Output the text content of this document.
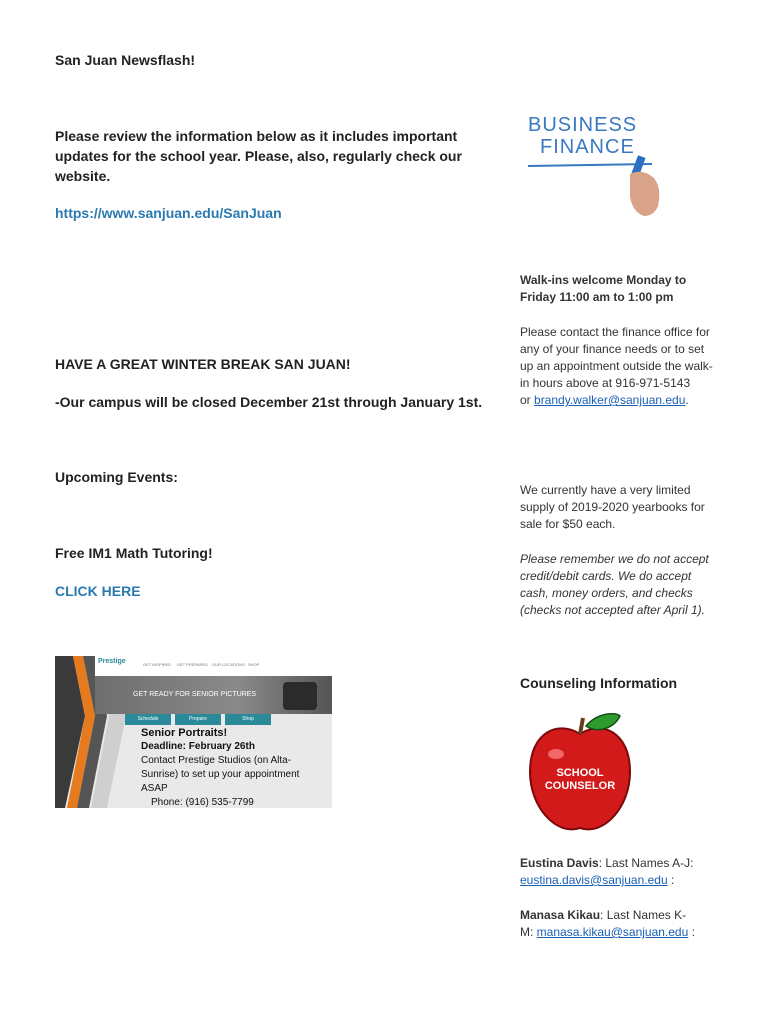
San Juan Newsflash!
Please review the information below as it includes important updates for the school year. Please, also, regularly check our website.
https://www.sanjuan.edu/SanJuan
HAVE A GREAT WINTER BREAK SAN JUAN!
-Our campus will be closed December 21st through January 1st.
Upcoming Events:
Free IM1 Math Tutoring!
CLICK HERE
Prestige	GET INSPIRED GET PREPARED OUR LOCATIONS SHOP
GET READY FOR SENIOR PICTURES
Schedule	Prepare	Shop
Senior Portraits!
Deadline: February 26th
Contact Prestige Studios (on Alta-
Sunrise) to set up your appointment
ASAP
Phone: (916) 535-7799
BUSINESS
FINANCE
Walk-ins welcome Monday to Friday 11:00 am to 1:00 pm
Please contact the finance office for any of your finance needs or to set up an appointment outside the walk-in hours above at 916-971-5143
or brandy.walker@sanjuan.edu.
We currently have a very limited supply of 2019-2020 yearbooks for sale for $50 each.
Please remember we do not accept credit/debit cards. We do accept cash, money orders, and checks (checks not accepted after April 1).
Counseling Information
SCHOOL
COUNSELOR
Eustina Davis: Last Names A-J: eustina.davis@sanjuan.edu :
Manasa Kikau: Last Names K-M: manasa.kikau@sanjuan.edu :
